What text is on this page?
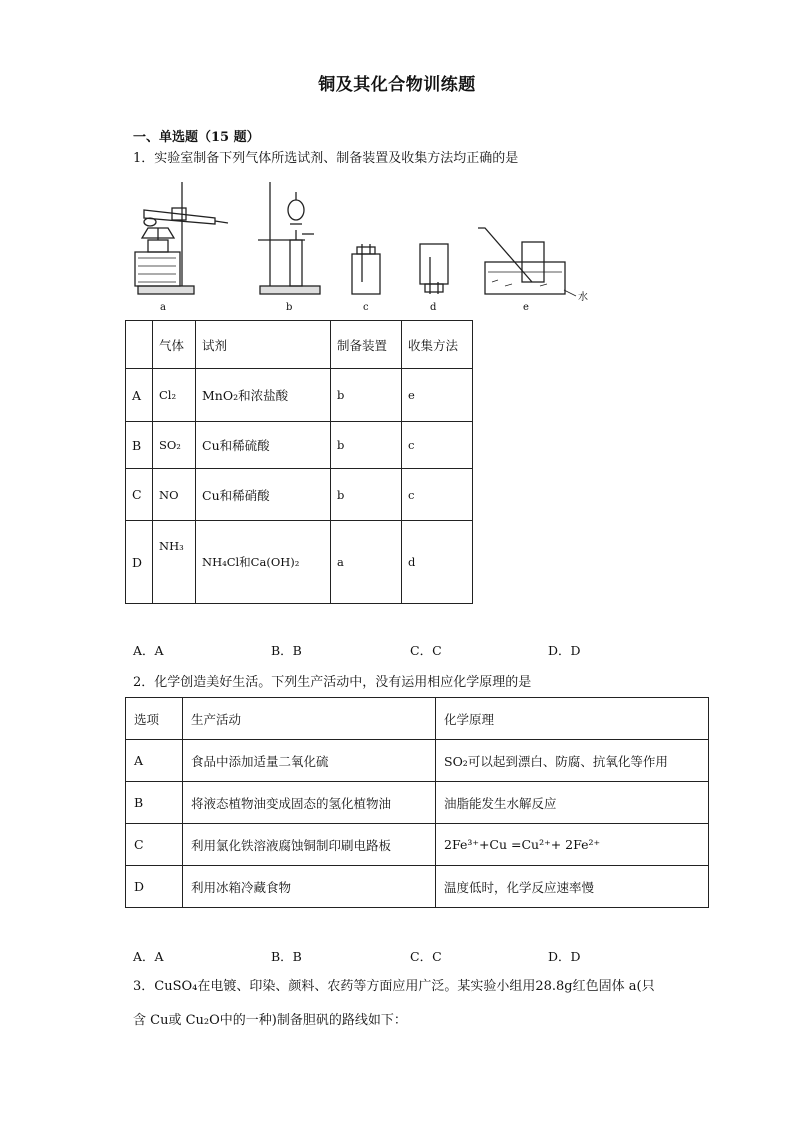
铜及其化合物训练题
一、单选题（15 题）
1．实验室制备下列气体所选试剂、制备装置及收集方法均正确的是
a	b	c	d	e
水
	气体	试剂	制备装置	收集方法
A	Cl₂	MnO₂和浓盐酸	b	e
B	SO₂	Cu和稀硫酸	b	c
C	NO	Cu和稀硝酸	b	c
D	NH₃	NH₄Cl和Ca(OH)₂	a	d
A．A	B．B	C．C	D．D
2．化学创造美好生活。下列生产活动中，没有运用相应化学原理的是
选项	生产活动	化学原理
A	食品中添加适量二氧化硫	SO₂可以起到漂白、防腐、抗氧化等作用
B	将液态植物油变成固态的氢化植物油	油脂能发生水解反应
C	利用氯化铁溶液腐蚀铜制印刷电路板	2Fe³⁺+Cu =Cu²⁺+ 2Fe²⁺
D	利用冰箱冷藏食物	温度低时，化学反应速率慢
A．A	B．B	C．C	D．D
3．CuSO₄在电镀、印染、颜料、农药等方面应用广泛。某实验小组用28.8g红色固体 a(只
含 Cu或 Cu₂O中的一种)制备胆矾的路线如下：
